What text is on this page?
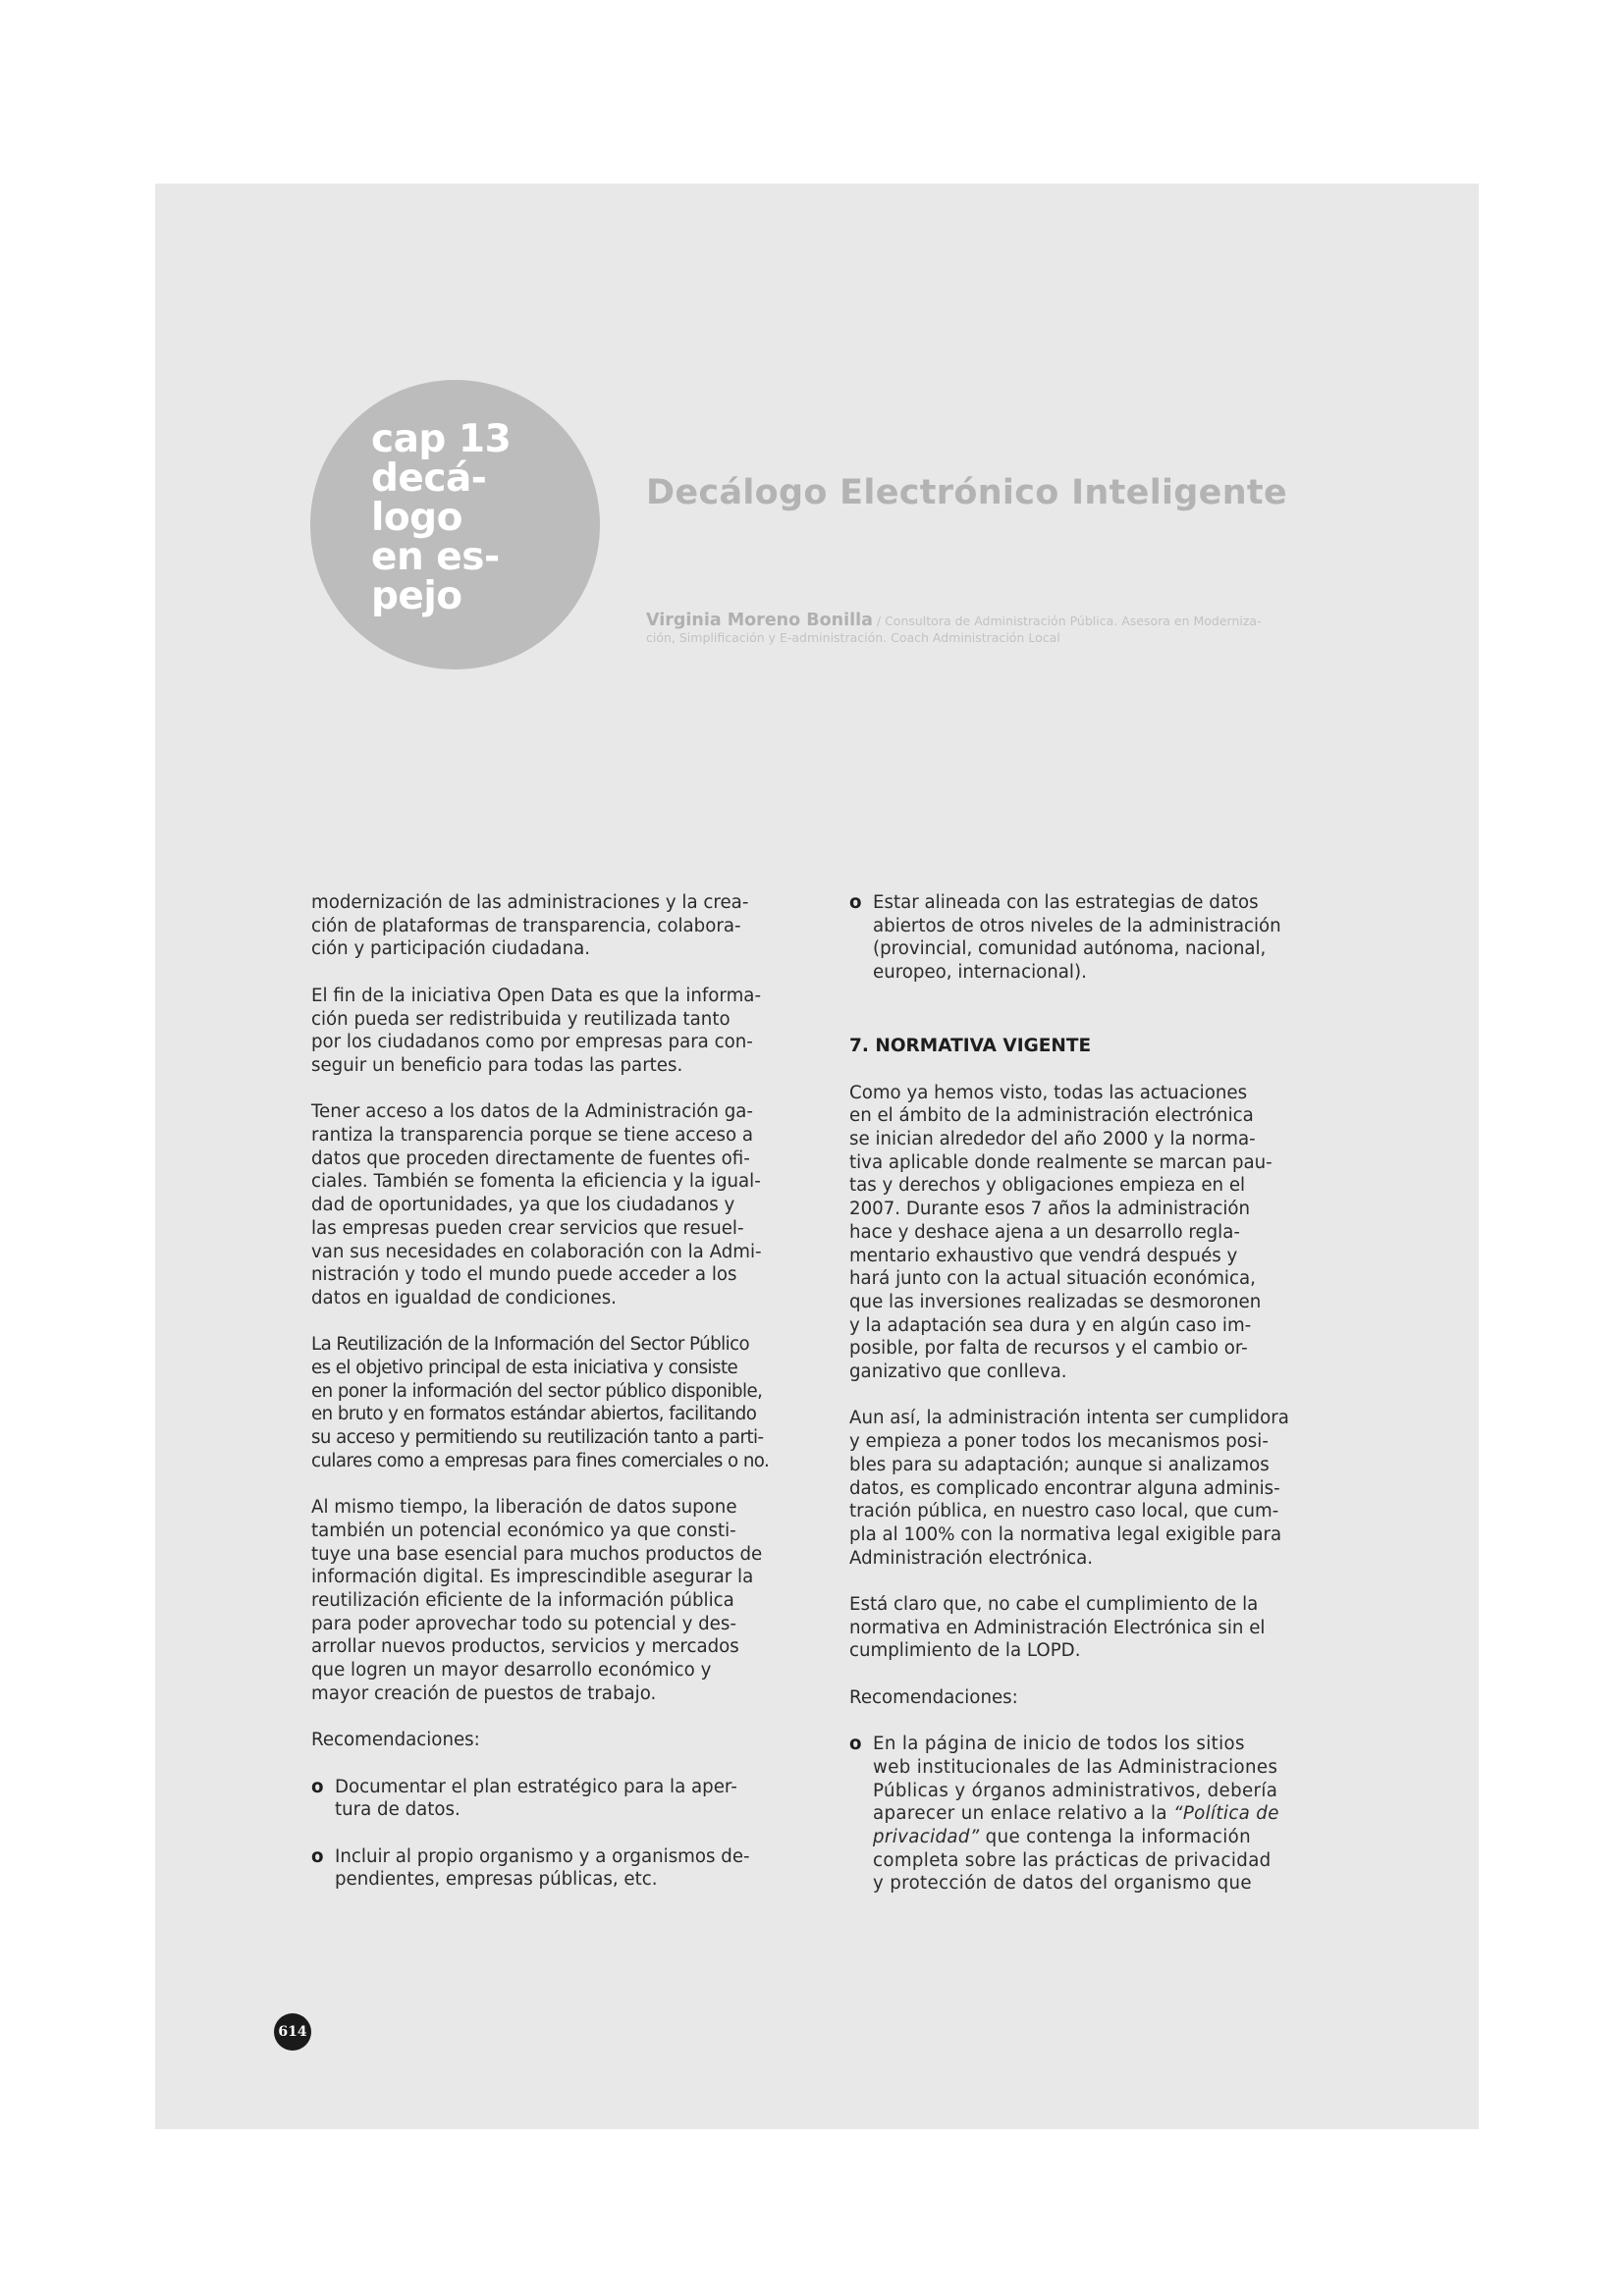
cap 13
decá-
logo
en es-
pejo
Decálogo Electrónico Inteligente

Virginia Moreno Bonilla / Consultora de Administración Pública. Asesora en Moderniza-
ción, Simplificación y E-administración. Coach Administración Local

modernización de las administraciones y la crea-
ción de plataformas de transparencia, colabora-
ción y participación ciudadana.

El fin de la iniciativa Open Data es que la informa-
ción pueda ser redistribuida y reutilizada tanto
por los ciudadanos como por empresas para con-
seguir un beneficio para todas las partes.

Tener acceso a los datos de la Administración ga-
rantiza la transparencia porque se tiene acceso a
datos que proceden directamente de fuentes ofi-
ciales. También se fomenta la eficiencia y la igual-
dad de oportunidades, ya que los ciudadanos y
las empresas pueden crear servicios que resuel-
van sus necesidades en colaboración con la Admi-
nistración y todo el mundo puede acceder a los
datos en igualdad de condiciones.

La Reutilización de la Información del Sector Público
es el objetivo principal de esta iniciativa y consiste
en poner la información del sector público disponible,
en bruto y en formatos estándar abiertos, facilitando
su acceso y permitiendo su reutilización tanto a parti-
culares como a empresas para fines comerciales o no.

Al mismo tiempo, la liberación de datos supone
también un potencial económico ya que consti-
tuye una base esencial para muchos productos de
información digital. Es imprescindible asegurar la
reutilización eficiente de la información pública
para poder aprovechar todo su potencial y des-
arrollar nuevos productos, servicios y mercados
que logren un mayor desarrollo económico y
mayor creación de puestos de trabajo.

Recomendaciones:

o Documentar el plan estratégico para la aper-
tura de datos.
o Incluir al propio organismo y a organismos de-
pendientes, empresas públicas, etc.
o Estar alineada con las estrategias de datos
abiertos de otros niveles de la administración
(provincial, comunidad autónoma, nacional,
europeo, internacional).

7. NORMATIVA VIGENTE

Como ya hemos visto, todas las actuaciones
en el ámbito de la administración electrónica
se inician alrededor del año 2000 y la norma-
tiva aplicable donde realmente se marcan pau-
tas y derechos y obligaciones empieza en el
2007. Durante esos 7 años la administración
hace y deshace ajena a un desarrollo regla-
mentario exhaustivo que vendrá después y
hará junto con la actual situación económica,
que las inversiones realizadas se desmoronen
y la adaptación sea dura y en algún caso im-
posible, por falta de recursos y el cambio or-
ganizativo que conlleva.

Aun así, la administración intenta ser cumplidora
y empieza a poner todos los mecanismos posi-
bles para su adaptación; aunque si analizamos
datos, es complicado encontrar alguna adminis-
tración pública, en nuestro caso local, que cum-
pla al 100% con la normativa legal exigible para
Administración electrónica.

Está claro que, no cabe el cumplimiento de la
normativa en Administración Electrónica sin el
cumplimiento de la LOPD.

Recomendaciones:

o En la página de inicio de todos los sitios
web institucionales de las Administraciones
Públicas y órganos administrativos, debería
aparecer un enlace relativo a la “Política de
privacidad” que contenga la información
completa sobre las prácticas de privacidad
y protección de datos del organismo que
614
